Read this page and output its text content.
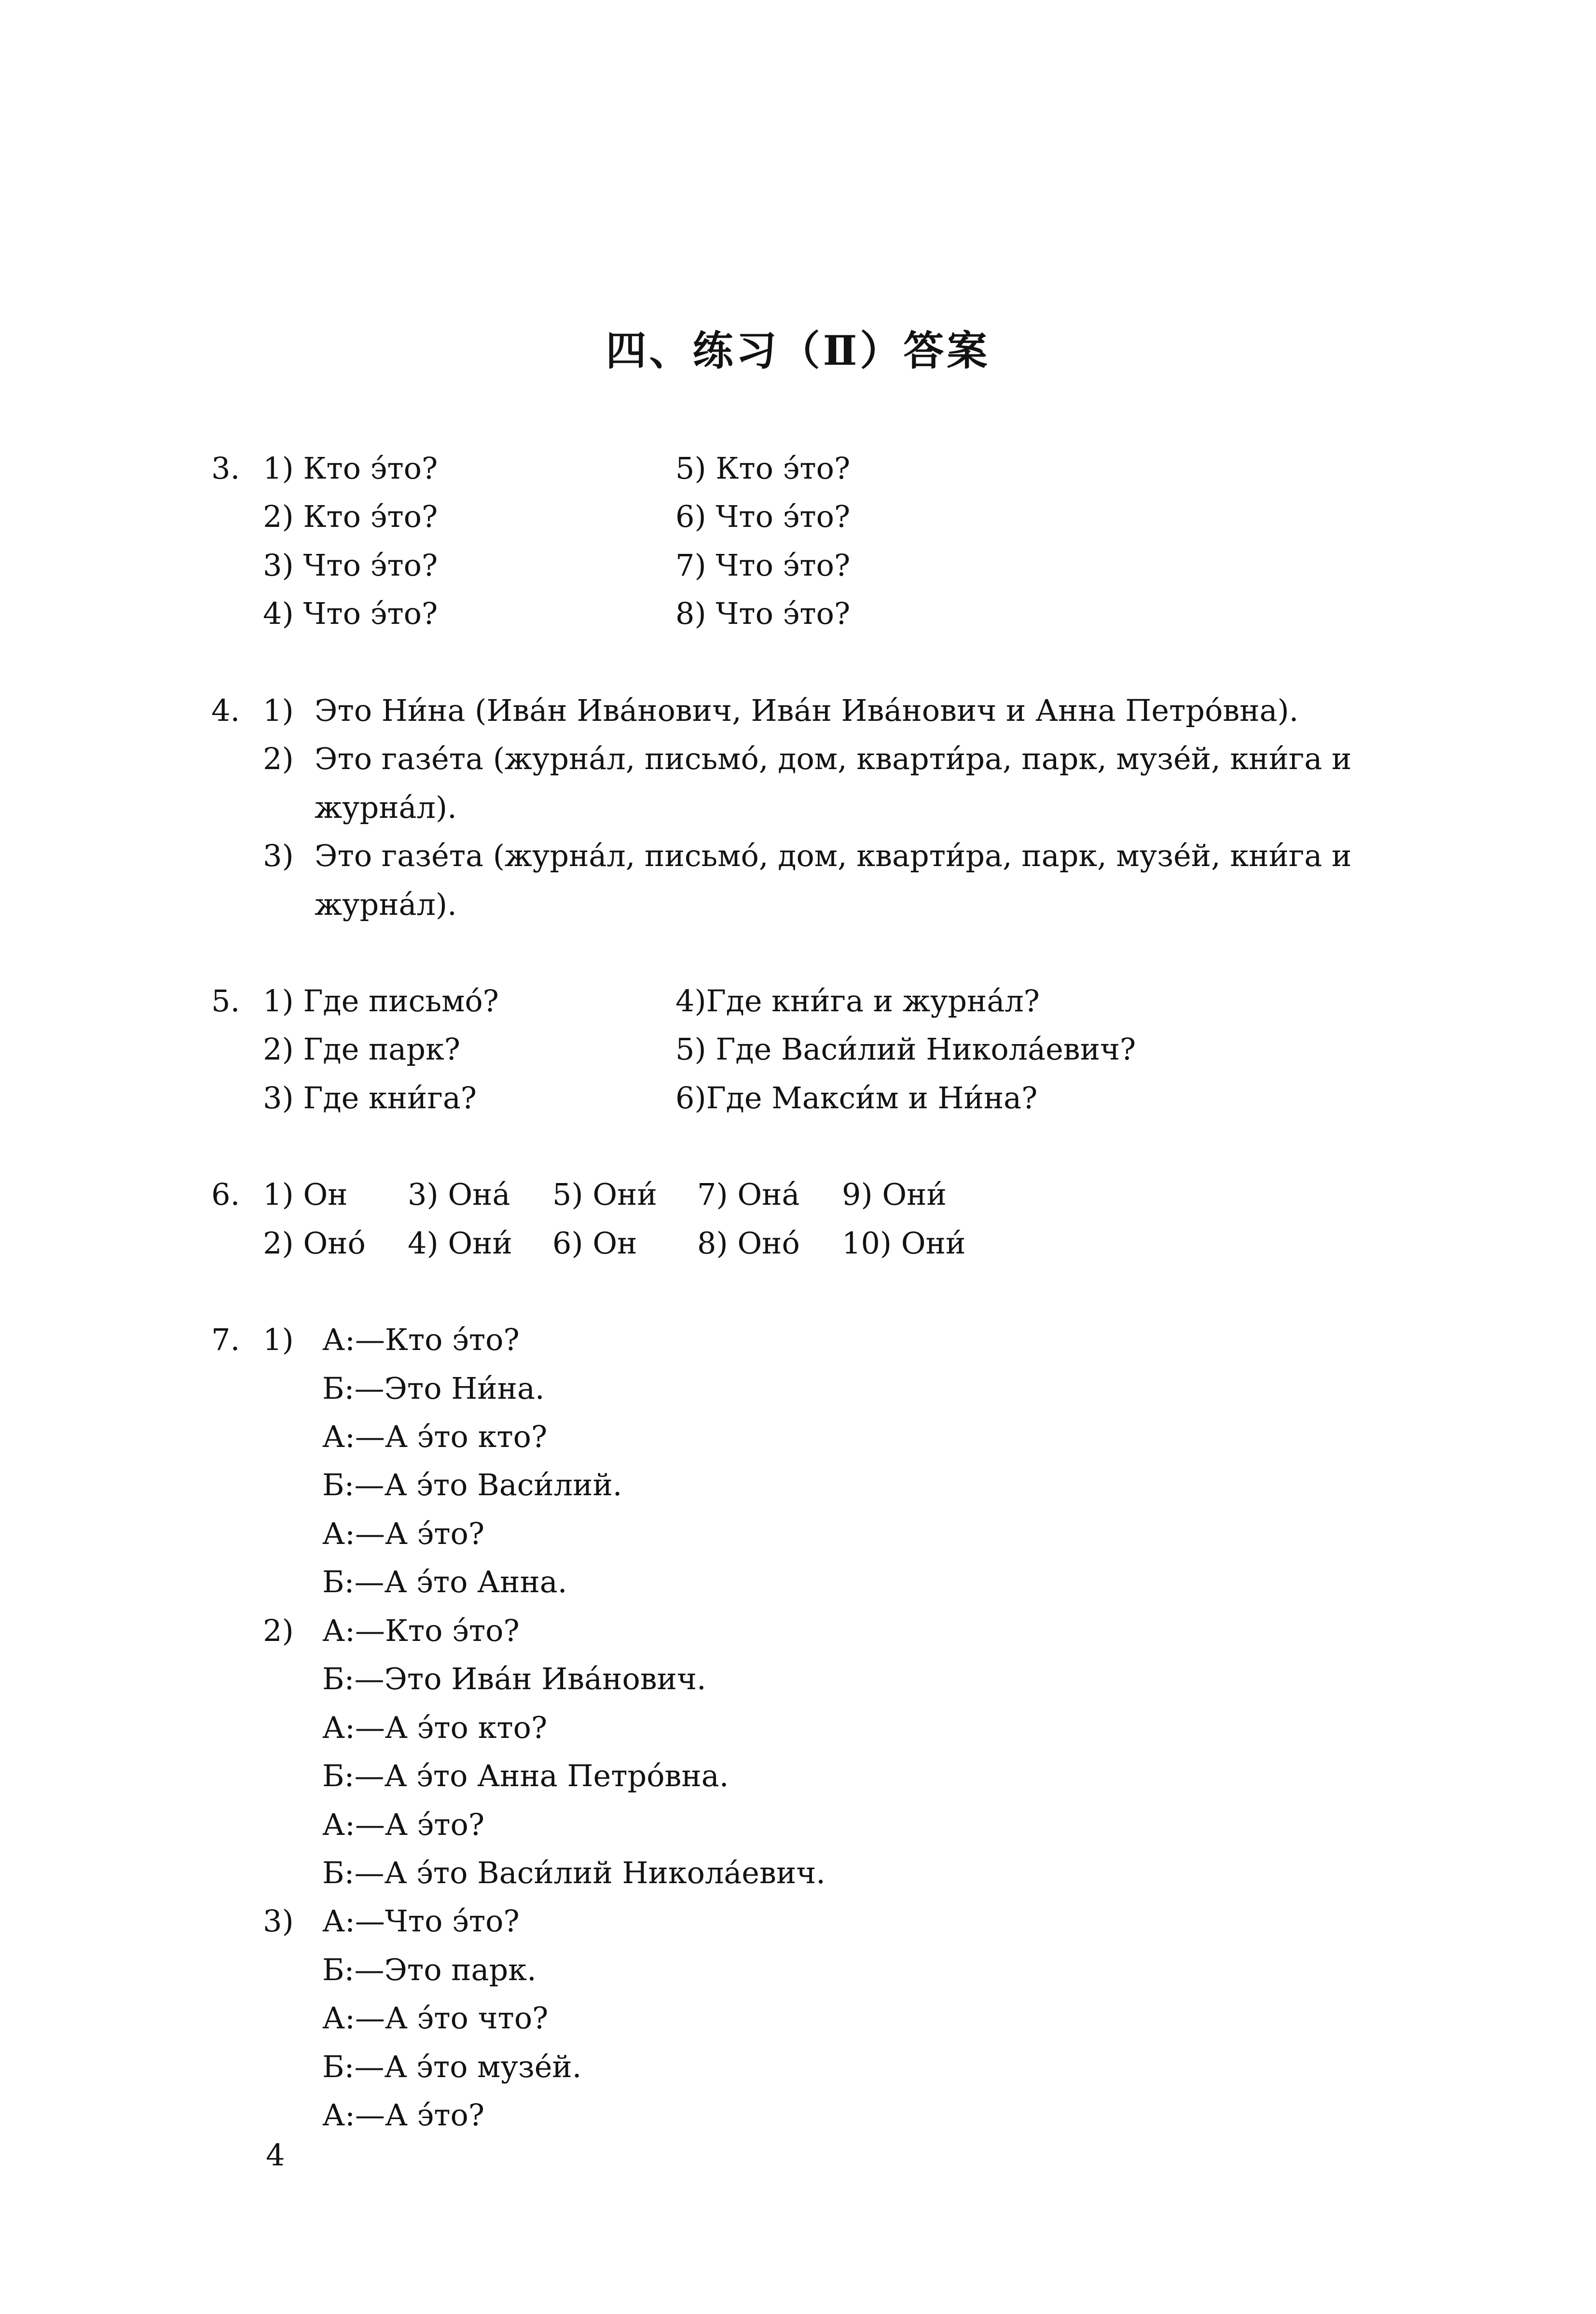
四、练习（Ⅱ）答案
3. 1) Кто э́то?	5) Кто э́то?
2) Кто э́то?	6) Что э́то?
3) Что э́то?	7) Что э́то?
4) Что э́то?	8) Что э́то?
4. 1) Это Ни́на (Ива́н Ива́нович, Ива́н Ива́нович и Анна Петро́вна).
2) Это газе́та (журна́л, письмо́, дом, кварти́ра, парк, музе́й, кни́га и журна́л).
3) Это газе́та (журна́л, письмо́, дом, кварти́ра, парк, музе́й, кни́га и журна́л).
5. 1) Где письмо́?	4)Где кни́га и журна́л?
2) Где парк?	5) Где Васи́лий Никола́евич?
3) Где кни́га?	6)Где Макси́м и Ни́на?
6. 1) Он 3) Она́ 5) Они́ 7) Она́ 9) Они́
2) Оно́ 4) Они́ 6) Он 8) Оно́ 10) Они́
7. 1) А:—Кто э́то?
Б:—Это Ни́на.
А:—А э́то кто?
Б:—А э́то Васи́лий.
А:—А э́то?
Б:—А э́то Анна.
2) А:—Кто э́то?
Б:—Это Ива́н Ива́нович.
А:—А э́то кто?
Б:—А э́то Анна Петро́вна.
А:—А э́то?
Б:—А э́то Васи́лий Никола́евич.
3) А:—Что э́то?
Б:—Это парк.
А:—А э́то что?
Б:—А э́то музе́й.
А:—А э́то?
4
